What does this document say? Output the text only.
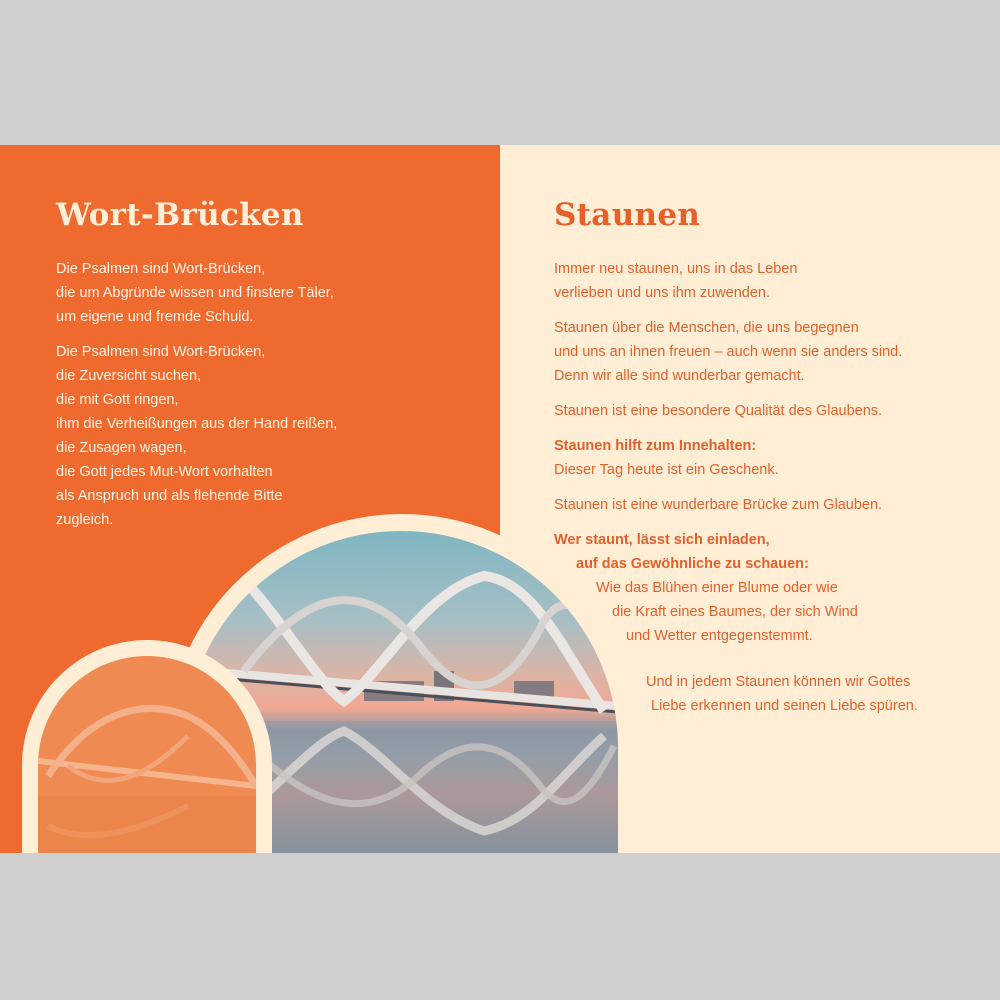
Wort-Brücken

Die Psalmen sind Wort-Brücken,
die um Abgründe wissen und finstere Täler,
um eigene und fremde Schuld.

Die Psalmen sind Wort-Brücken,
die Zuversicht suchen,
die mit Gott ringen,
ihm die Verheißungen aus der Hand reißen,
die Zusagen wagen,
die Gott jedes Mut-Wort vorhalten
als Anspruch und als flehende Bitte
zugleich.

Staunen

Immer neu staunen, uns in das Leben
verlieben und uns ihm zuwenden.

Staunen über die Menschen, die uns begegnen
und uns an ihnen freuen – auch wenn sie anders sind.
Denn wir alle sind wunderbar gemacht.

Staunen ist eine besondere Qualität des Glaubens.

Staunen hilft zum Innehalten:
Dieser Tag heute ist ein Geschenk.

Staunen ist eine wunderbare Brücke zum Glauben.

Wer staunt, lässt sich einladen,
auf das Gewöhnliche zu schauen:
Wie das Blühen einer Blume oder wie
die Kraft eines Baumes, der sich Wind
und Wetter entgegenstemmt.

Und in jedem Staunen können wir Gottes
Liebe erkennen und seinen Liebe spüren.
